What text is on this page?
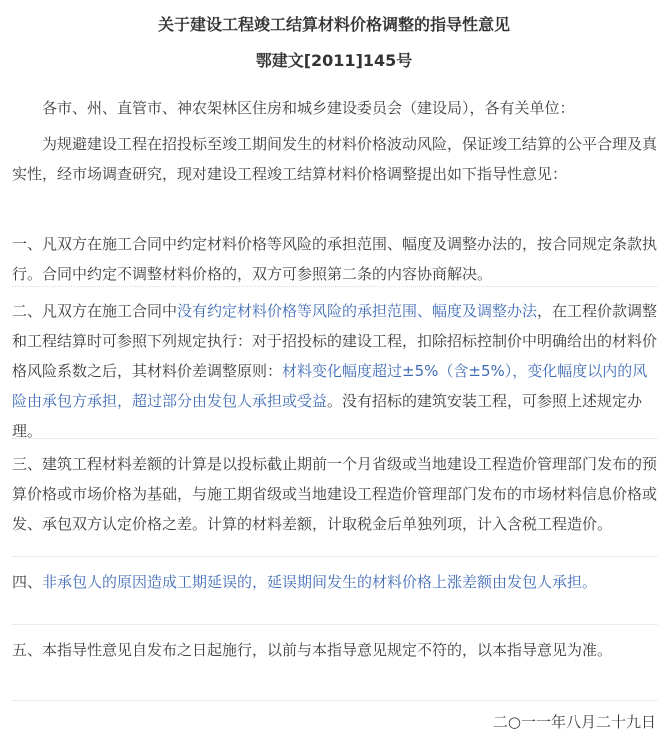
关于建设工程竣工结算材料价格调整的指导性意见
鄂建文[2011]145号
各市、州、直管市、神农架林区住房和城乡建设委员会（建设局），各有关单位：
为规避建设工程在招投标至竣工期间发生的材料价格波动风险，保证竣工结算的公平合理及真实性，经市场调查研究，现对建设工程竣工结算材料价格调整提出如下指导性意见：
一、凡双方在施工合同中约定材料价格等风险的承担范围、幅度及调整办法的，按合同规定条款执行。合同中约定不调整材料价格的，双方可参照第二条的内容协商解决。
二、凡双方在施工合同中没有约定材料价格等风险的承担范围、幅度及调整办法，在工程价款调整和工程结算时可参照下列规定执行：对于招投标的建设工程，扣除招标控制价中明确给出的材料价格风险系数之后，其材料价差调整原则：材料变化幅度超过±5%（含±5%），变化幅度以内的风险由承包方承担，超过部分由发包人承担或受益。没有招标的建筑安装工程，可参照上述规定办理。
三、建筑工程材料差额的计算是以投标截止期前一个月省级或当地建设工程造价管理部门发布的预算价格或市场价格为基础，与施工期省级或当地建设工程造价管理部门发布的市场材料信息价格或发、承包双方认定价格之差。计算的材料差额，计取税金后单独列项，计入含税工程造价。
四、非承包人的原因造成工期延误的，延误期间发生的材料价格上涨差额由发包人承担。
五、本指导性意见自发布之日起施行，以前与本指导意见规定不符的，以本指导意见为准。
二○一一年八月二十九日
